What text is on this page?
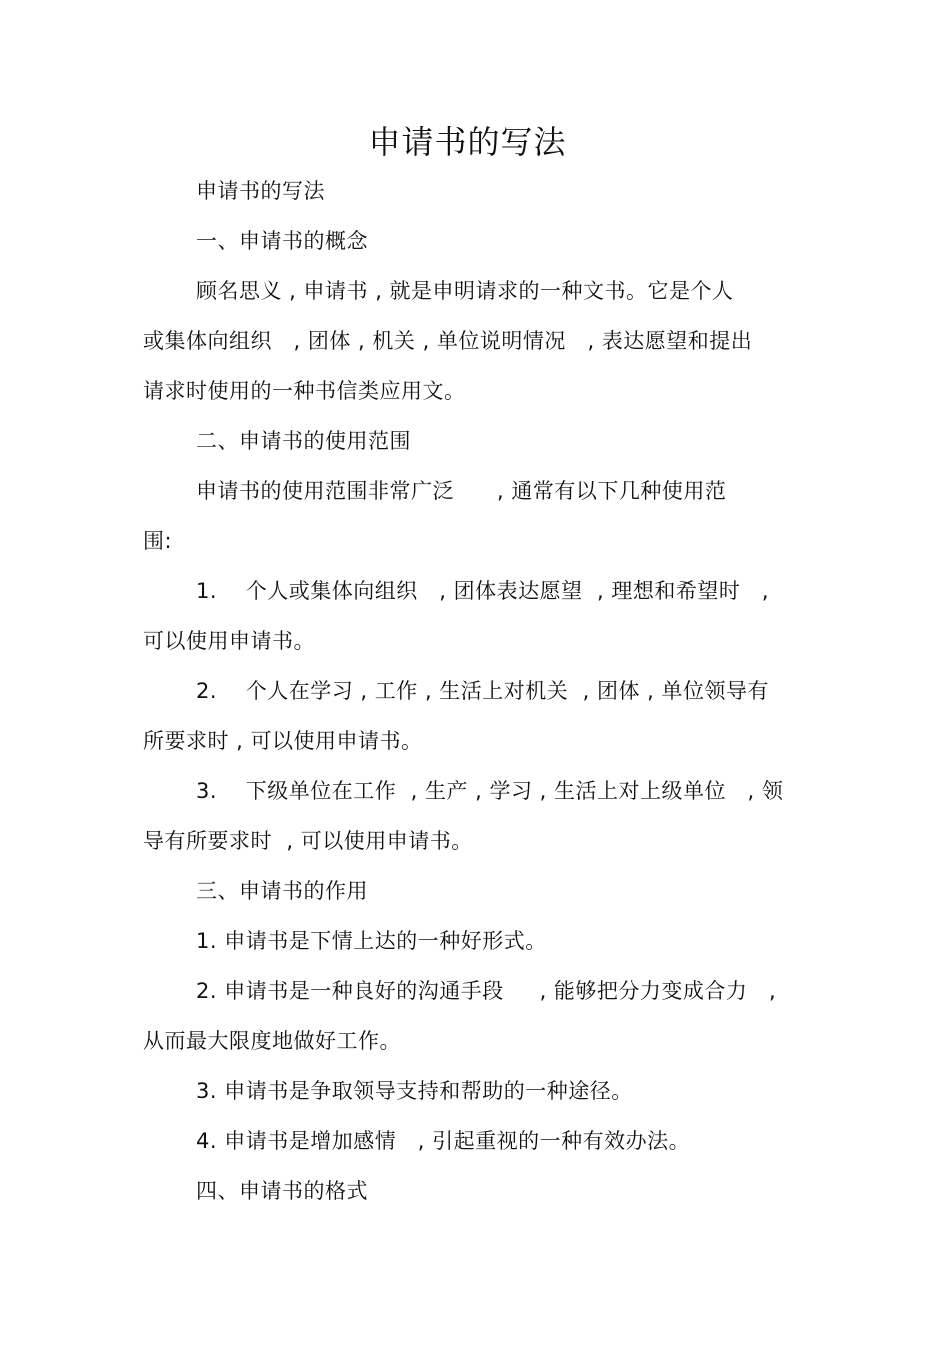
申请书的写法
申请书的写法
一、申请书的概念
顾名思义 , 申请书 , 就是申明请求的一种文书。它是个人
或集体向组织   , 团体 , 机关 , 单位说明情况   , 表达愿望和提出
请求时使用的一种书信类应用文。
二、申请书的使用范围
申请书的使用范围非常广泛      , 通常有以下几种使用范
围:
1.    个人或集体向组织   , 团体表达愿望  , 理想和希望时   ,
可以使用申请书。
2.    个人在学习 , 工作 , 生活上对机关  , 团体 , 单位领导有
所要求时 , 可以使用申请书。
3.    下级单位在工作  , 生产 , 学习 , 生活上对上级单位   , 领
导有所要求时  , 可以使用申请书。
三、申请书的作用
1. 申请书是下情上达的一种好形式。
2. 申请书是一种良好的沟通手段     , 能够把分力变成合力   ,
从而最大限度地做好工作。
3. 申请书是争取领导支持和帮助的一种途径。
4. 申请书是增加感情   , 引起重视的一种有效办法。
四、申请书的格式
